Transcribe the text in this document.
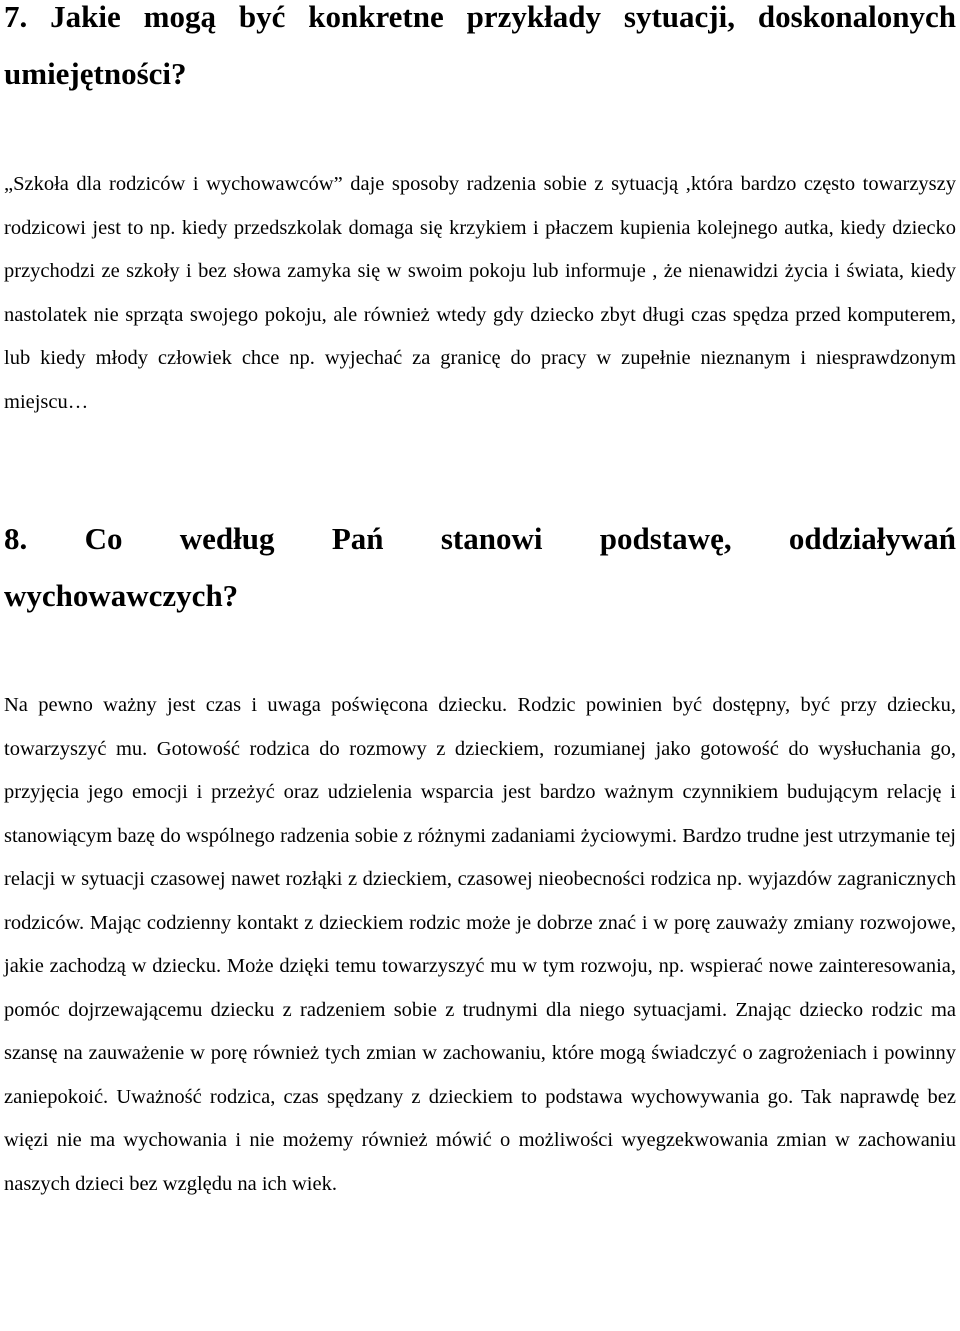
7. Jakie mogą być konkretne przykłady sytuacji, doskonalonych umiejętności?

„Szkoła dla rodziców i wychowawców” daje sposoby radzenia sobie z sytuacją ,która bardzo często towarzyszy rodzicowi jest to np. kiedy przedszkolak domaga się krzykiem i płaczem kupienia kolejnego autka, kiedy dziecko przychodzi ze szkoły i bez słowa zamyka się w swoim pokoju lub informuje , że nienawidzi życia i świata, kiedy nastolatek nie sprząta swojego pokoju, ale również wtedy gdy dziecko zbyt długi czas spędza przed komputerem, lub kiedy młody człowiek chce np. wyjechać za granicę do pracy w zupełnie nieznanym i niesprawdzonym miejscu…

8. Co według Pań stanowi podstawę, oddziaływań wychowawczych?

Na pewno ważny jest czas i uwaga poświęcona dziecku. Rodzic powinien być dostępny, być przy dziecku, towarzyszyć mu. Gotowość rodzica do rozmowy z dzieckiem, rozumianej jako gotowość do wysłuchania go, przyjęcia jego emocji i przeżyć oraz udzielenia wsparcia jest bardzo ważnym czynnikiem budującym relację i stanowiącym bazę do wspólnego radzenia sobie z różnymi zadaniami życiowymi. Bardzo trudne jest utrzymanie tej relacji w sytuacji czasowej nawet rozłąki z dzieckiem, czasowej nieobecności rodzica np. wyjazdów zagranicznych rodziców. Mając codzienny kontakt z dzieckiem rodzic może je dobrze znać i w porę zauważy zmiany rozwojowe, jakie zachodzą w dziecku. Może dzięki temu towarzyszyć mu w tym rozwoju, np. wspierać nowe zainteresowania, pomóc dojrzewającemu dziecku z radzeniem sobie z trudnymi dla niego sytuacjami. Znając dziecko rodzic ma szansę na zauważenie w porę również tych zmian w zachowaniu, które mogą świadczyć o zagrożeniach i powinny zaniepokoić. Uważność rodzica, czas spędzany z dzieckiem to podstawa wychowywania go. Tak naprawdę bez więzi nie ma wychowania i nie możemy również mówić o możliwości wyegzekwowania zmian w zachowaniu naszych dzieci bez względu na ich wiek.
